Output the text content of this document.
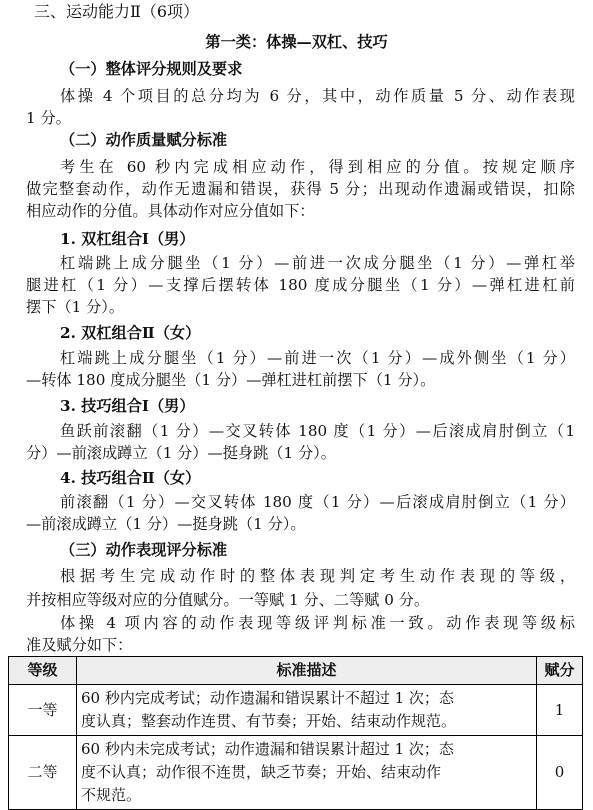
三、运动能力Ⅱ（6项）
第一类：体操—双杠、技巧
（一）整体评分规则及要求
体操 4 个项目的总分均为 6 分，其中，动作质量 5 分、动作表现
1 分。
（二）动作质量赋分标准
考生在 60 秒内完成相应动作，得到相应的分值。按规定顺序
做完整套动作，动作无遗漏和错误，获得 5 分；出现动作遗漏或错误，扣除
相应动作的分值。具体动作对应分值如下：
1. 双杠组合Ⅰ（男）
杠端跳上成分腿坐（1 分）—前进一次成分腿坐（1 分）—弹杠举
腿进杠（1 分）—支撑后摆转体 180 度成分腿坐（1 分）—弹杠进杠前
摆下（1 分）。
2. 双杠组合Ⅱ（女）
杠端跳上成分腿坐（1 分）—前进一次（1 分）—成外侧坐（1 分）
—转体 180 度成分腿坐（1 分）—弹杠进杠前摆下（1 分）。
3. 技巧组合Ⅰ（男）
鱼跃前滚翻（1 分）—交叉转体 180 度（1 分）—后滚成肩肘倒立（1
分）—前滚成蹲立（1 分）—挺身跳（1 分）。
4. 技巧组合Ⅱ（女）
前滚翻（1 分）—交叉转体 180 度（1 分）—后滚成肩肘倒立（1 分）
—前滚成蹲立（1 分）—挺身跳（1 分）。
（三）动作表现评分标准
根据考生完成动作时的整体表现判定考生动作表现的等级，
并按相应等级对应的分值赋分。一等赋 1 分、二等赋 0 分。
体操 4 项内容的动作表现等级评判标准一致。动作表现等级标
准及赋分如下：
等级	标准描述	赋分
一等	60 秒内完成考试；动作遗漏和错误累计不超过 1 次；态
度认真；整套动作连贯、有节奏；开始、结束动作规范。	1
二等	60 秒内未完成考试；动作遗漏和错误累计超过 1 次；态
度不认真；动作很不连贯，缺乏节奏；开始、结束动作
不规范。	0
